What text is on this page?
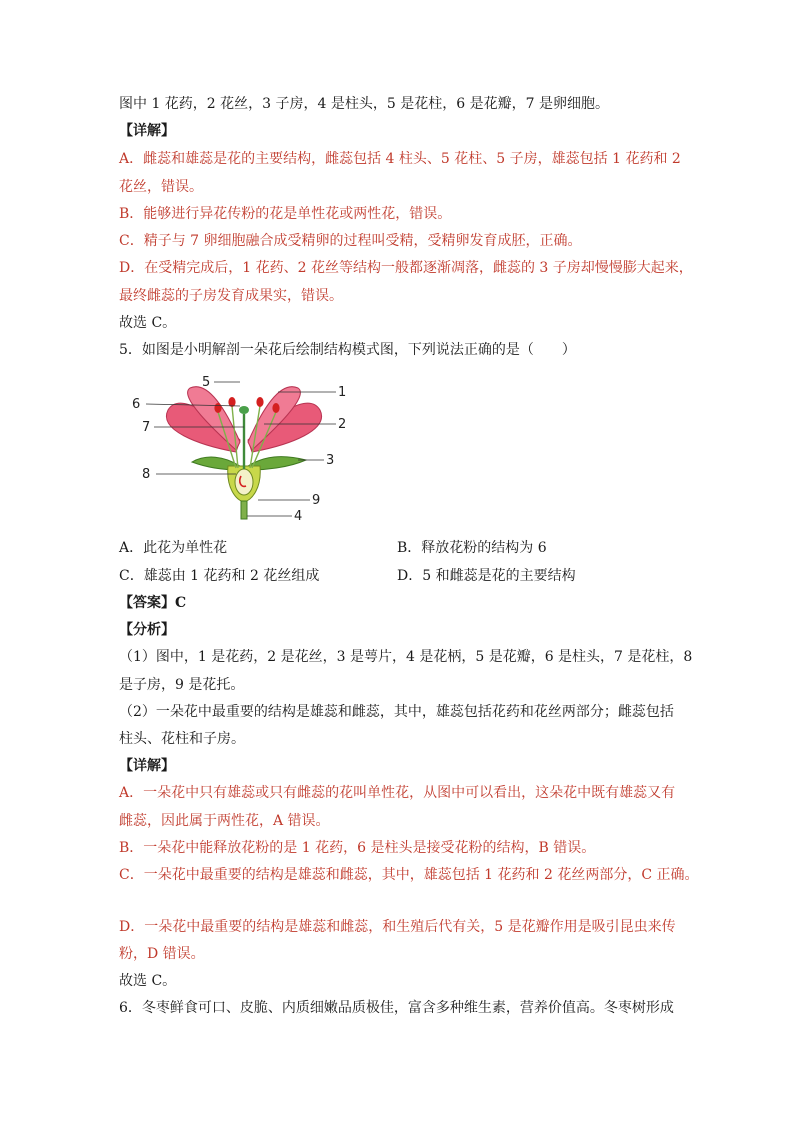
图中 1 花药，2 花丝，3 子房，4 是柱头，5 是花柱，6 是花瓣，7 是卵细胞。
【详解】
A．雌蕊和雄蕊是花的主要结构，雌蕊包括 4 柱头、5 花柱、5 子房，雄蕊包括 1 花药和 2
花丝，错误。
B．能够进行异花传粉的花是单性花或两性花，错误。
C．精子与 7 卵细胞融合成受精卵的过程叫受精，受精卵发育成胚，正确。
D．在受精完成后，1 花药、2 花丝等结构一般都逐渐凋落，雌蕊的 3 子房却慢慢膨大起来，
最终雌蕊的子房发育成果实，错误。
故选 C。
5．如图是小明解剖一朵花后绘制结构模式图，下列说法正确的是（　　）
1
2
3
4
5
6
7
8
9
A．此花为单性花	B．释放花粉的结构为 6
C．雄蕊由 1 花药和 2 花丝组成	D．5 和雌蕊是花的主要结构
【答案】C
【分析】
（1）图中，1 是花药，2 是花丝，3 是萼片，4 是花柄，5 是花瓣，6 是柱头，7 是花柱，8
是子房，9 是花托。
（2）一朵花中最重要的结构是雄蕊和雌蕊，其中，雄蕊包括花药和花丝两部分；雌蕊包括
柱头、花柱和子房。
【详解】
A．一朵花中只有雄蕊或只有雌蕊的花叫单性花，从图中可以看出，这朵花中既有雄蕊又有
雌蕊，因此属于两性花，A 错误。
B．一朵花中能释放花粉的是 1 花药，6 是柱头是接受花粉的结构，B 错误。
C．一朵花中最重要的结构是雄蕊和雌蕊，其中，雄蕊包括 1 花药和 2 花丝两部分，C 正确。
D．一朵花中最重要的结构是雄蕊和雌蕊，和生殖后代有关，5 是花瓣作用是吸引昆虫来传
粉，D 错误。
故选 C。
6．冬枣鲜食可口、皮脆、内质细嫩品质极佳，富含多种维生素，营养价值高。冬枣树形成
